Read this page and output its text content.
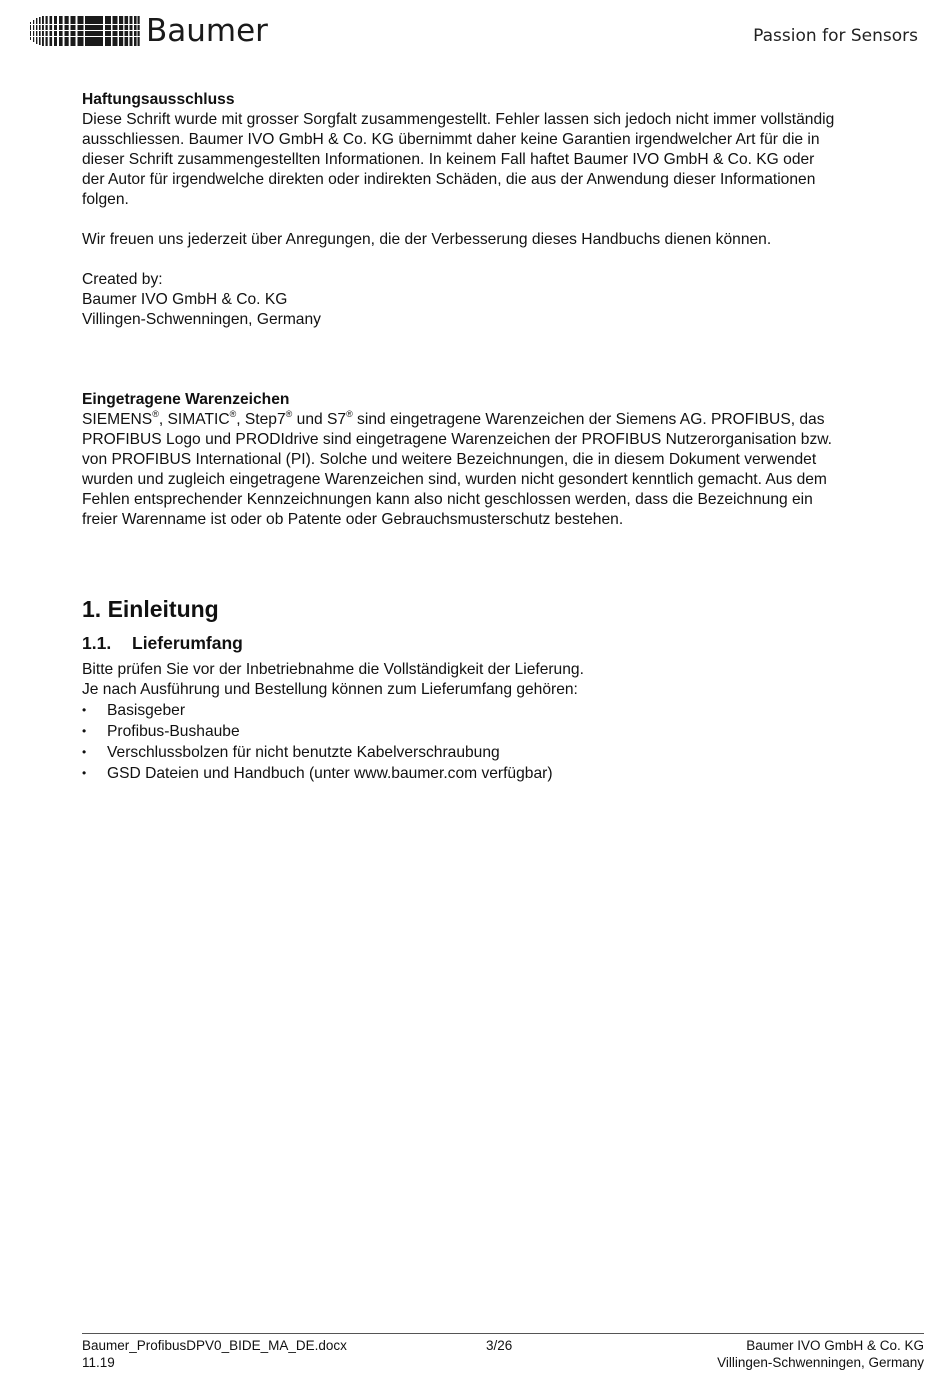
Baumer	Passion for Sensors

Haftungsausschluss

Diese Schrift wurde mit grosser Sorgfalt zusammengestellt. Fehler lassen sich jedoch nicht immer vollständig

ausschliessen. Baumer IVO GmbH & Co. KG übernimmt daher keine Garantien irgendwelcher Art für die in

dieser Schrift zusammengestellten Informationen. In keinem Fall haftet Baumer IVO GmbH & Co. KG oder

der Autor für irgendwelche direkten oder indirekten Schäden, die aus der Anwendung dieser Informationen

folgen.

Wir freuen uns jederzeit über Anregungen, die der Verbesserung dieses Handbuchs dienen können.

Created by:

Baumer IVO GmbH & Co. KG

Villingen-Schwenningen, Germany

Eingetragene Warenzeichen

SIEMENS®, SIMATIC®, Step7® und S7® sind eingetragene Warenzeichen der Siemens AG. PROFIBUS, das

PROFIBUS Logo und PRODIdrive sind eingetragene Warenzeichen der PROFIBUS Nutzerorganisation bzw.

von PROFIBUS International (PI). Solche und weitere Bezeichnungen, die in diesem Dokument verwendet

wurden und zugleich eingetragene Warenzeichen sind, wurden nicht gesondert kenntlich gemacht. Aus dem

Fehlen entsprechender Kennzeichnungen kann also nicht geschlossen werden, dass die Bezeichnung ein

freier Warenname ist oder ob Patente oder Gebrauchsmusterschutz bestehen.

1. Einleitung
1.1.	Lieferumfang

Bitte prüfen Sie vor der Inbetriebnahme die Vollständigkeit der Lieferung.

Je nach Ausführung und Bestellung können zum Lieferumfang gehören:

•	Basisgeber
•	Profibus-Bushaube
•	Verschlussbolzen für nicht benutzte Kabelverschraubung
•	GSD Dateien und Handbuch (unter www.baumer.com verfügbar)
Baumer_ProfibusDPV0_BIDE_MA_DE.docx
11.19
3/26	Baumer IVO GmbH & Co. KG
Villingen-Schwenningen, Germany
